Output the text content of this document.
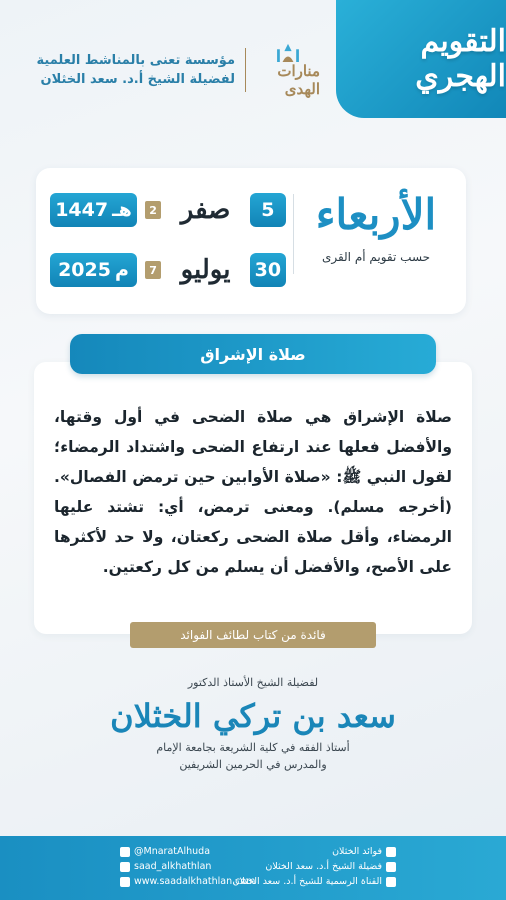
التقويم الهجري
منارات الهدى
مؤسسة تعنى بالمناشط العلمية
لفضيلة الشيخ أ.د. سعد الخثلان
الأربعاء
حسب تقويم أم القرى
5
صفر
2
1447 هـ
30
يوليو
7
2025 م

صلاة الإشراق هي صلاة الضحى في أول وقتها، والأفضل فعلها عند ارتفاع الضحى واشتداد الرمضاء؛ لقول النبي ﷺ: «صلاة الأوابين حين ترمض الفصال». (أخرجه مسلم). ومعنى ترمض، أي: تشتد عليها الرمضاء، وأقل صلاة الضحى ركعتان، ولا حد لأكثرها على الأصح، والأفضل أن يسلم من كل ركعتين.

صلاة الإشراق
فائدة من كتاب لطائف الفوائد
لفضيلة الشيخ الأستاذ الدكتور
سعد بن تركي الخثلان
أستاذ الفقه في كلية الشريعة بجامعة الإمام
والمدرس في الحرمين الشريفين
@MnaratAlhuda
saad_alkhathlan
www.saadalkhathlan.com
فوائد الخثلان
فضيلة الشيخ أ.د. سعد الخثلان
القناة الرسمية للشيخ أ.د. سعد الخثلان
